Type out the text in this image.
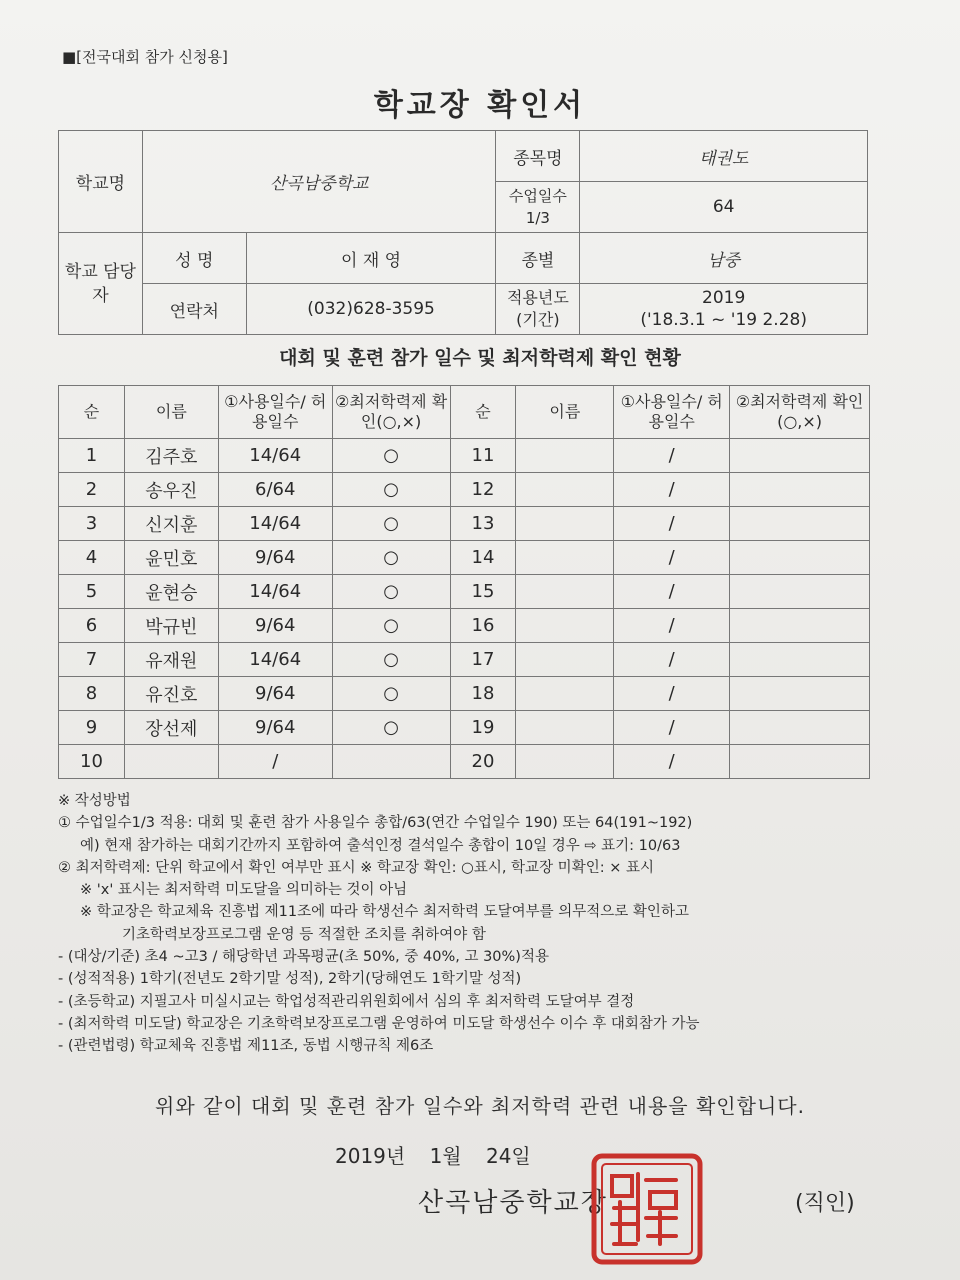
■[전국대회 참가 신청용]
학교장 확인서
학교명	산곡남중학교		종목명	태권도
			수업일수 1/3	64
학교 담당자	성 명	이 재 영	종별	남중
	연락처	(032)628-3595	적용년도 (기간)	2019
('18.3.1 ~ '19 2.28)
대회 및 훈련 참가 일수 및 최저학력제 확인 현황
순	이름	①사용일수/ 허용일수	②최저학력제 확인(○,×)	순	이름	①사용일수/ 허용일수	②최저학력제 확인(○,×)
1	김주호	14/64	○	11		/	
2	송우진	6/64	○	12		/	
3	신지훈	14/64	○	13		/	
4	윤민호	9/64	○	14		/	
5	윤현승	14/64	○	15		/	
6	박규빈	9/64	○	16		/	
7	유재원	14/64	○	17		/	
8	유진호	9/64	○	18		/	
9	장선제	9/64	○	19		/	
10		/		20		/	
※ 작성방법
① 수업일수1/3 적용: 대회 및 훈련 참가 사용일수 총합/63(연간 수업일수 190) 또는 64(191~192)
예) 현재 참가하는 대회기간까지 포함하여 출석인정 결석일수 총합이 10일 경우 ⇨ 표기: 10/63
② 최저학력제: 단위 학교에서 확인 여부만 표시 ※ 학교장 확인: ○표시, 학교장 미확인: × 표시
※ 'x' 표시는 최저학력 미도달을 의미하는 것이 아님
※ 학교장은 학교체육 진흥법 제11조에 따라 학생선수 최저학력 도달여부를 의무적으로 확인하고
기초학력보장프로그램 운영 등 적절한 조치를 취하여야 함
- (대상/기준) 초4 ~고3 / 해당학년 과목평균(초 50%, 중 40%, 고 30%)적용
- (성적적용) 1학기(전년도 2학기말 성적), 2학기(당해연도 1학기말 성적)
- (초등학교) 지필고사 미실시교는 학업성적관리위원회에서 심의 후 최저학력 도달여부 결정
- (최저학력 미도달) 학교장은 기초학력보장프로그램 운영하여 미도달 학생선수 이수 후 대회참가 가능
- (관련법령) 학교체육 진흥법 제11조, 동법 시행규칙 제6조
위와 같이 대회 및 훈련 참가 일수와 최저학력 관련 내용을 확인합니다.
2019년 1월 24일
산곡남중학교장	(직인)
